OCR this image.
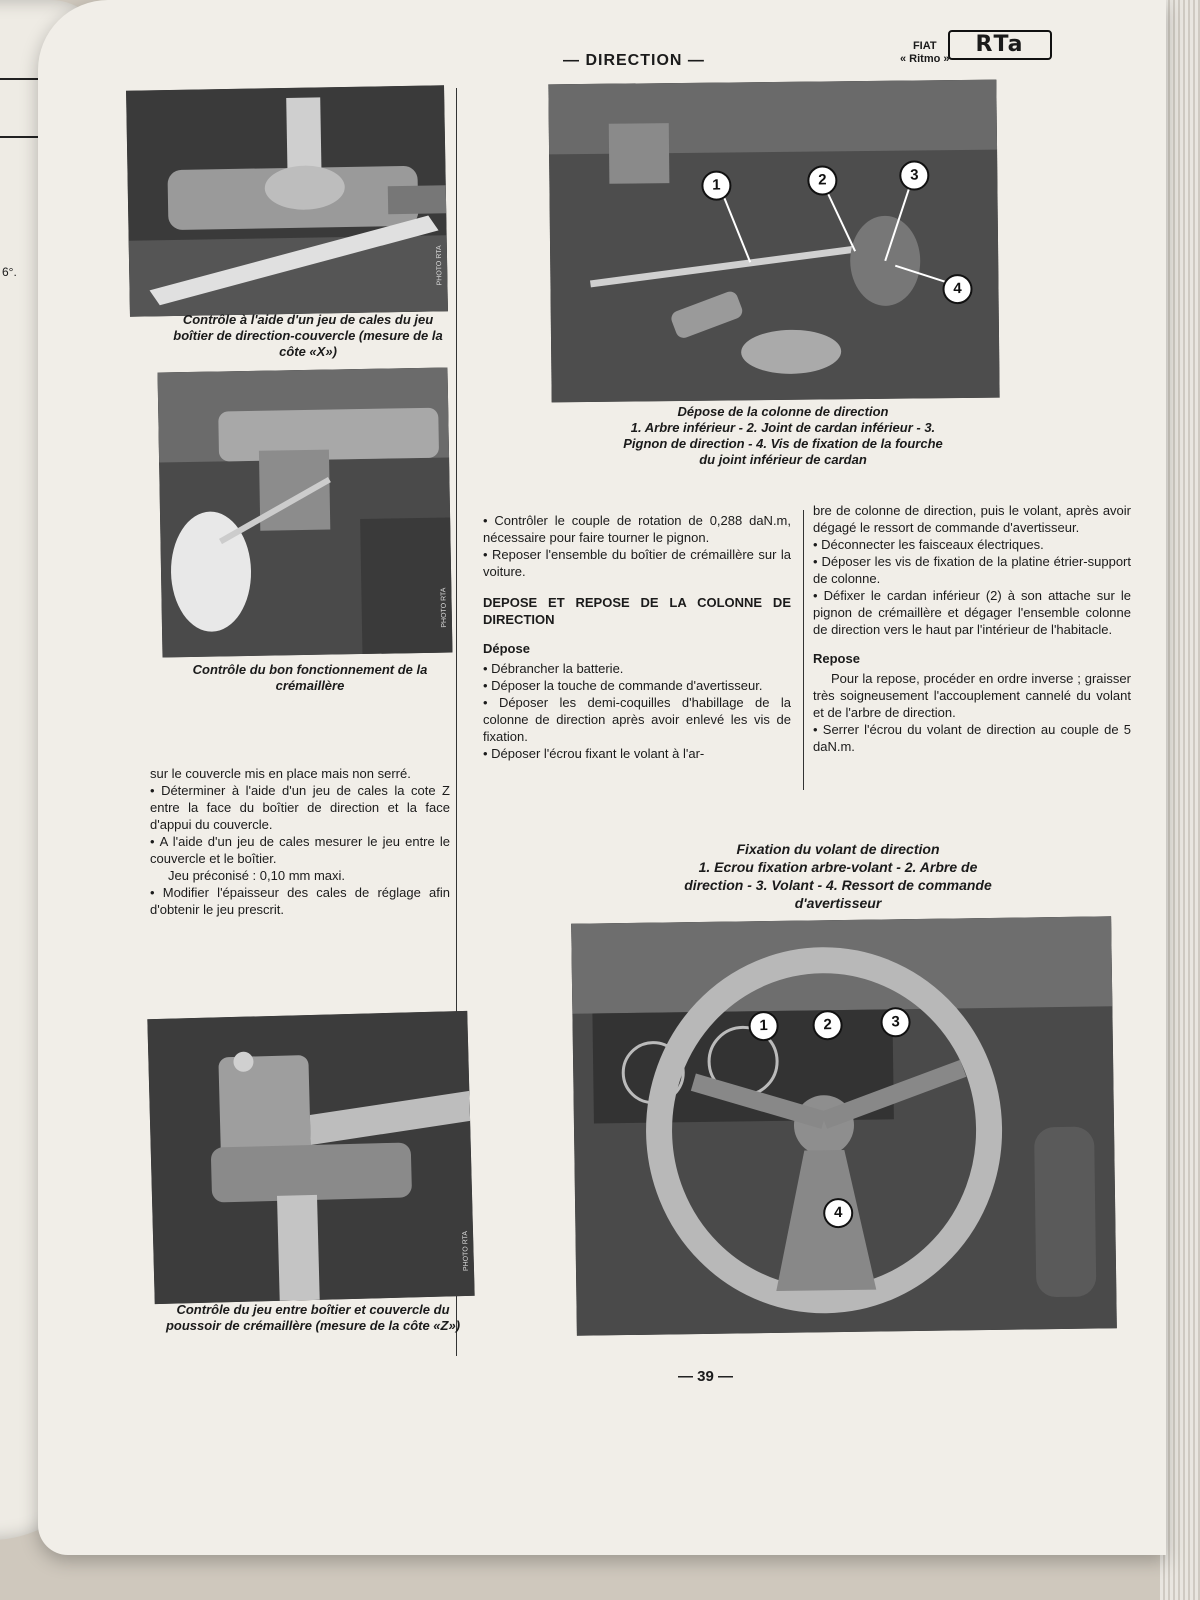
6°.
— DIRECTION —
FIAT
« Ritmo »
RTa
PHOTO RTA
Contrôle à l'aide d'un jeu de cales du jeu boîtier de direction-couvercle (mesure de la côte «X»)
PHOTO RTA
Contrôle du bon fonctionnement de la crémaillère

sur le couvercle mis en place mais non serré.

• Déterminer à l'aide d'un jeu de cales la cote Z entre la face du boîtier de direction et la face d'appui du couvercle.

• A l'aide d'un jeu de cales mesurer le jeu entre le couvercle et le boîtier.

Jeu préconisé : 0,10 mm maxi.

• Modifier l'épaisseur des cales de réglage afin d'obtenir le jeu prescrit.

PHOTO RTA
Contrôle du jeu entre boîtier et couvercle du poussoir de crémaillère (mesure de la côte «Z»)
1	2	3
4
Dépose de la colonne de direction
1. Arbre inférieur - 2. Joint de cardan inférieur - 3. Pignon de direction - 4. Vis de fixation de la fourche du joint inférieur de cardan

• Contrôler le couple de rotation de 0,288 daN.m, nécessaire pour faire tourner le pignon.

• Reposer l'ensemble du boîtier de crémaillère sur la voiture.

DEPOSE ET REPOSE DE LA COLONNE DE DIRECTION
Dépose

• Débrancher la batterie.

• Déposer la touche de commande d'avertisseur.

• Déposer les demi-coquilles d'habillage de la colonne de direction après avoir enlevé les vis de fixation.

• Déposer l'écrou fixant le volant à l'ar-

bre de colonne de direction, puis le volant, après avoir dégagé le ressort de commande d'avertisseur.

• Déconnecter les faisceaux électriques.

• Déposer les vis de fixation de la platine étrier-support de colonne.

• Défixer le cardan inférieur (2) à son attache sur le pignon de crémaillère et dégager l'ensemble colonne de direction vers le haut par l'intérieur de l'habitacle.

Repose

Pour la repose, procéder en ordre inverse ; graisser très soigneusement l'accouplement cannelé du volant et de l'arbre de direction.

• Serrer l'écrou du volant de direction au couple de 5 daN.m.

Fixation du volant de direction
1. Ecrou fixation arbre-volant - 2. Arbre de direction - 3. Volant - 4. Ressort de commande d'avertisseur
1	2	3
4
— 39 —
